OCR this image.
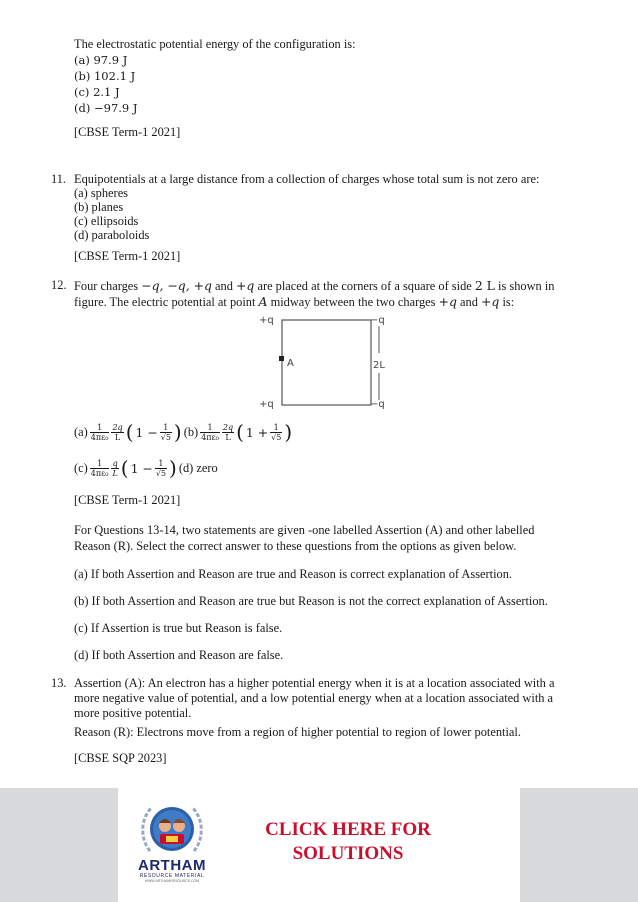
The electrostatic potential energy of the configuration is:
(a) 97.9 J
(b) 102.1 J
(c) 2.1 J
(d) −97.9 J
[CBSE Term-1 2021]
11. Equipotentials at a large distance from a collection of charges whose total sum is not zero are:
(a) spheres
(b) planes
(c) ellipsoids
(d) paraboloids
[CBSE Term-1 2021]
12. Four charges −q, −q, +q and +q are placed at the corners of a square of side 2 L is shown in
figure. The electric potential at point A midway between the two charges +q and +q is:
+q	−q
A	2L
+q	−q
$(a) \frac{1}{\text{4πε₀}} \frac{2q}{L}$ ( $1 - \frac{1}{√5}$ ) $(b) \frac{1}{\text{4πε₀}} \frac{2q}{L}$ ( $1 + \frac{1}{√5}$ )
$(c) \frac{1}{\text{4πε₀}} \frac{q}{L}$ ( $1 - \frac{1}{√5}$ ) (d) zero
[CBSE Term-1 2021]
For Questions 13-14, two statements are given -one labelled Assertion (A) and other labelled
Reason (R). Select the correct answer to these questions from the options as given below.
(a) If both Assertion and Reason are true and Reason is correct explanation of Assertion.
(b) If both Assertion and Reason are true but Reason is not the correct explanation of Assertion.
(c) If Assertion is true but Reason is false.
(d) If both Assertion and Reason are false.
13. Assertion (A): An electron has a higher potential energy when it is at a location associated with a
more negative value of potential, and a low potential energy when at a location associated with a
more positive potential.
Reason (R): Electrons move from a region of higher potential to region of lower potential.
[CBSE SQP 2023]
ARTHAM
RESOURCE MATERIAL
WWW.ARTHAMRESOURCE.COM
CLICK HERE FOR
SOLUTIONS
